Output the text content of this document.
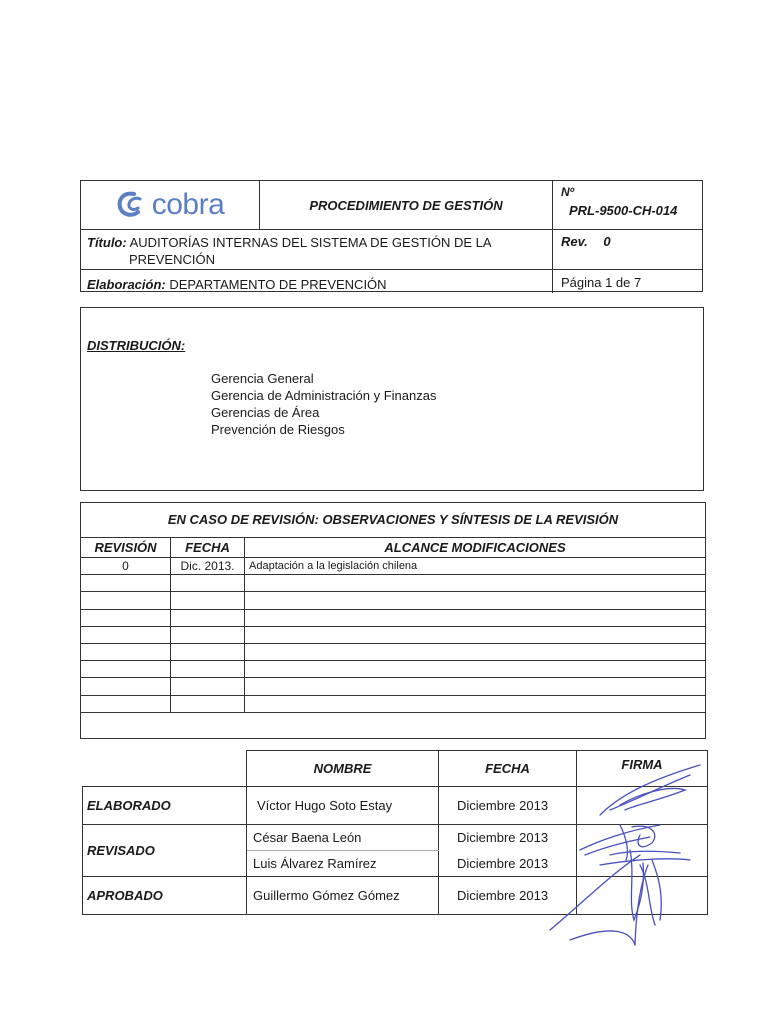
cobra	PROCEDIMIENTO DE GESTIÓN
Nº
PRL-9500-CH-014
Título: AUDITORÍAS INTERNAS DEL SISTEMA DE GESTIÓN DE LA
PREVENCIÓN
Rev. 0
Elaboración: DEPARTAMENTO DE PREVENCIÓN	Página 1 de 7
DISTRIBUCIÓN:
Gerencia General
Gerencia de Administración y Finanzas
Gerencias de Área
Prevención de Riesgos
EN CASO DE REVISIÓN: OBSERVACIONES Y SÍNTESIS DE LA REVISIÓN
REVISIÓN	FECHA	ALCANCE MODIFICACIONES
0	Dic. 2013.	Adaptación a la legislación chilena

	NOMBRE	FECHA	FIRMA
ELABORADO	Víctor Hugo Soto Estay	Diciembre 2013	
REVISADO	César Baena León	Diciembre 2013	
	Luis Álvarez Ramírez	Diciembre 2013	
APROBADO	Guillermo Gómez Gómez	Diciembre 2013	
